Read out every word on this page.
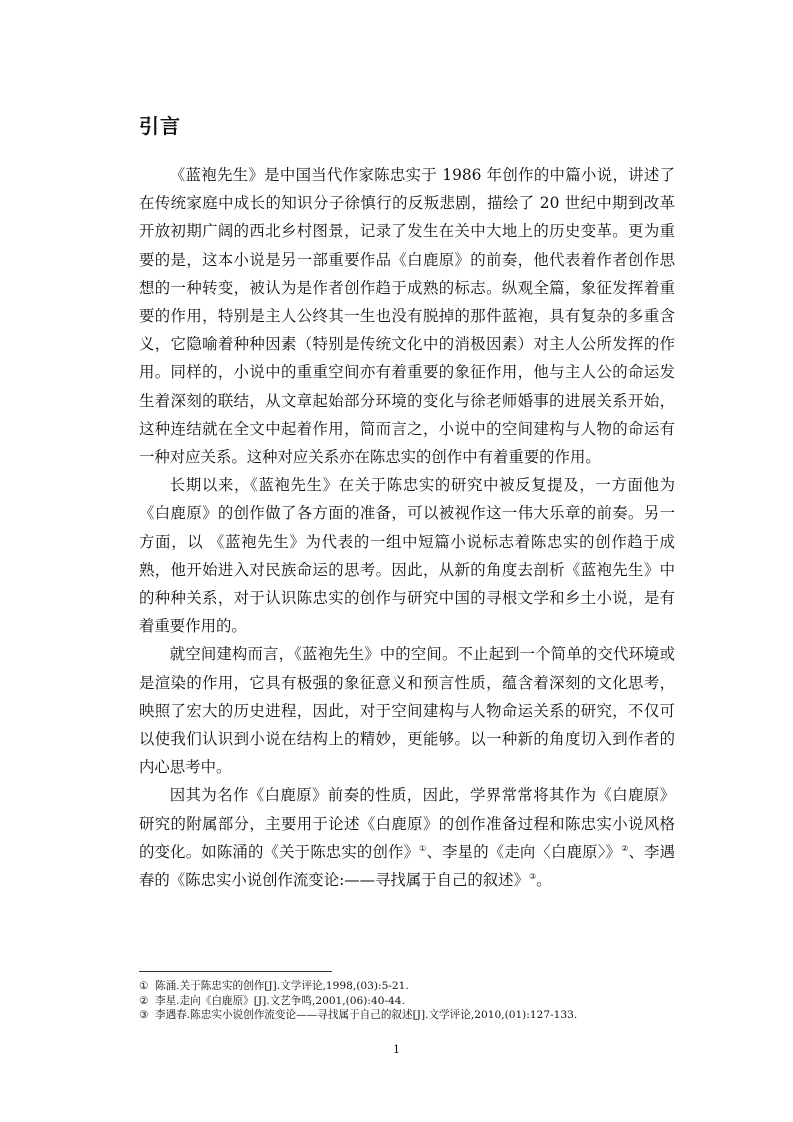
引言

《蓝袍先生》是中国当代作家陈忠实于 1986 年创作的中篇小说，讲述了在传统家庭中成长的知识分子徐慎行的反叛悲剧，描绘了 20 世纪中期到改革开放初期广阔的西北乡村图景，记录了发生在关中大地上的历史变革。更为重要的是，这本小说是另一部重要作品《白鹿原》的前奏，他代表着作者创作思想的一种转变，被认为是作者创作趋于成熟的标志。纵观全篇，象征发挥着重要的作用，特别是主人公终其一生也没有脱掉的那件蓝袍，具有复杂的多重含义，它隐喻着种种因素（特别是传统文化中的消极因素）对主人公所发挥的作用。同样的，小说中的重重空间亦有着重要的象征作用，他与主人公的命运发生着深刻的联结，从文章起始部分环境的变化与徐老师婚事的进展关系开始，这种连结就在全文中起着作用，简而言之，小说中的空间建构与人物的命运有一种对应关系。这种对应关系亦在陈忠实的创作中有着重要的作用。

长期以来，《蓝袍先生》在关于陈忠实的研究中被反复提及，一方面他为《白鹿原》的创作做了各方面的准备，可以被视作这一伟大乐章的前奏。另一方面，以 《蓝袍先生》为代表的一组中短篇小说标志着陈忠实的创作趋于成熟，他开始进入对民族命运的思考。因此，从新的角度去剖析《蓝袍先生》中的种种关系，对于认识陈忠实的创作与研究中国的寻根文学和乡土小说，是有着重要作用的。

就空间建构而言，《蓝袍先生》中的空间。不止起到一个简单的交代环境或是渲染的作用，它具有极强的象征意义和预言性质，蕴含着深刻的文化思考，映照了宏大的历史进程，因此，对于空间建构与人物命运关系的研究，不仅可以使我们认识到小说在结构上的精妙，更能够。以一种新的角度切入到作者的内心思考中。

因其为名作《白鹿原》前奏的性质，因此，学界常常将其作为《白鹿原》研究的附属部分，主要用于论述《白鹿原》的创作准备过程和陈忠实小说风格的变化。如陈涌的《关于陈忠实的创作》①、李星的《走向〈白鹿原〉》②、李遇春的《陈忠实小说创作流变论:——寻找属于自己的叙述》③。

① 陈涌.关于陈忠实的创作[J].文学评论,1998,(03):5-21.
② 李星.走向《白鹿原》[J].文艺争鸣,2001,(06):40-44.
③ 李遇春.陈忠实小说创作流变论——寻找属于自己的叙述[J].文学评论,2010,(01):127-133.
1
